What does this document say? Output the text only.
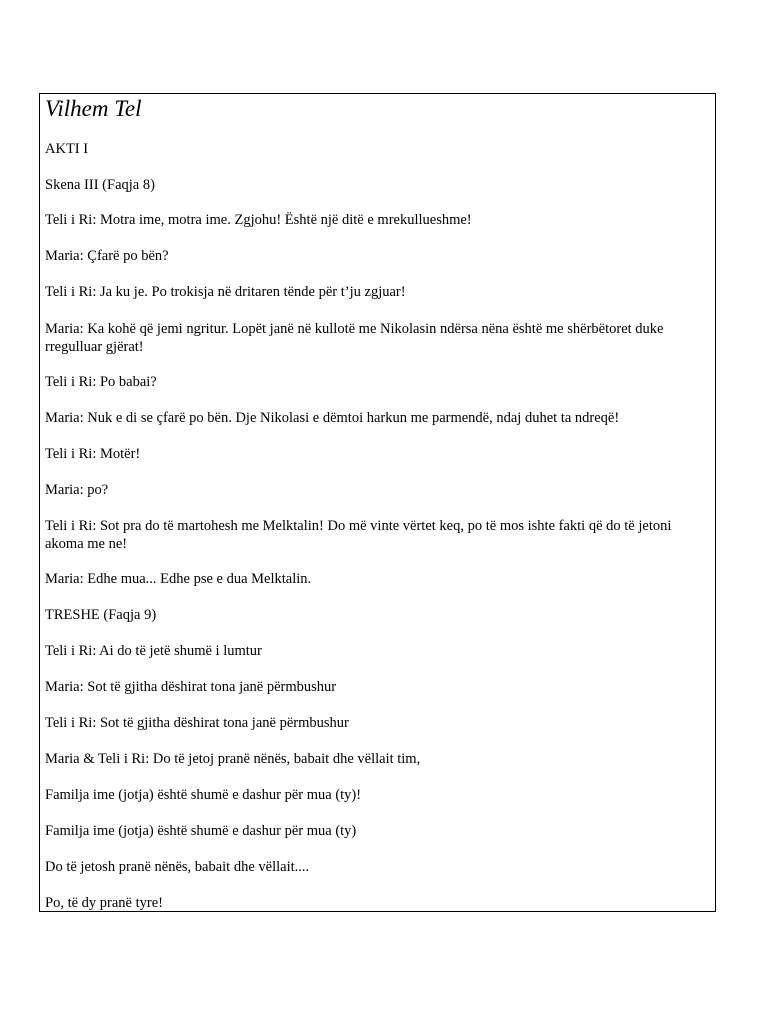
Vilhem Tel

AKTI I

Skena III (Faqja 8)

Teli i Ri: Motra ime, motra ime. Zgjohu! Është një ditë e mrekullueshme!

Maria: Çfarë po bën?

Teli i Ri: Ja ku je. Po trokisja në dritaren tënde për t’ju zgjuar!

Maria: Ka kohë që jemi ngritur. Lopët janë në kullotë me Nikolasin ndërsa nëna është me shërbëtoret duke rregulluar gjërat!

Teli i Ri: Po babai?

Maria: Nuk e di se çfarë po bën. Dje Nikolasi e dëmtoi harkun me parmendë, ndaj duhet ta ndreqë!

Teli i Ri: Motër!

Maria: po?

Teli i Ri: Sot pra do të martohesh me Melktalin! Do më vinte vërtet keq, po të mos ishte fakti që do të jetoni akoma me ne!

Maria: Edhe mua... Edhe pse e dua Melktalin.

TRESHE (Faqja 9)

Teli i Ri: Ai do të jetë shumë i lumtur

Maria: Sot të gjitha dëshirat tona janë përmbushur

Teli i Ri: Sot të gjitha dëshirat tona janë përmbushur

Maria & Teli i Ri: Do të jetoj pranë nënës, babait dhe vëllait tim,

Familja ime (jotja) është shumë e dashur për mua (ty)!

Familja ime (jotja) është shumë e dashur për mua (ty)

Do të jetosh pranë nënës, babait dhe vëllait....

Po, të dy pranë tyre!
